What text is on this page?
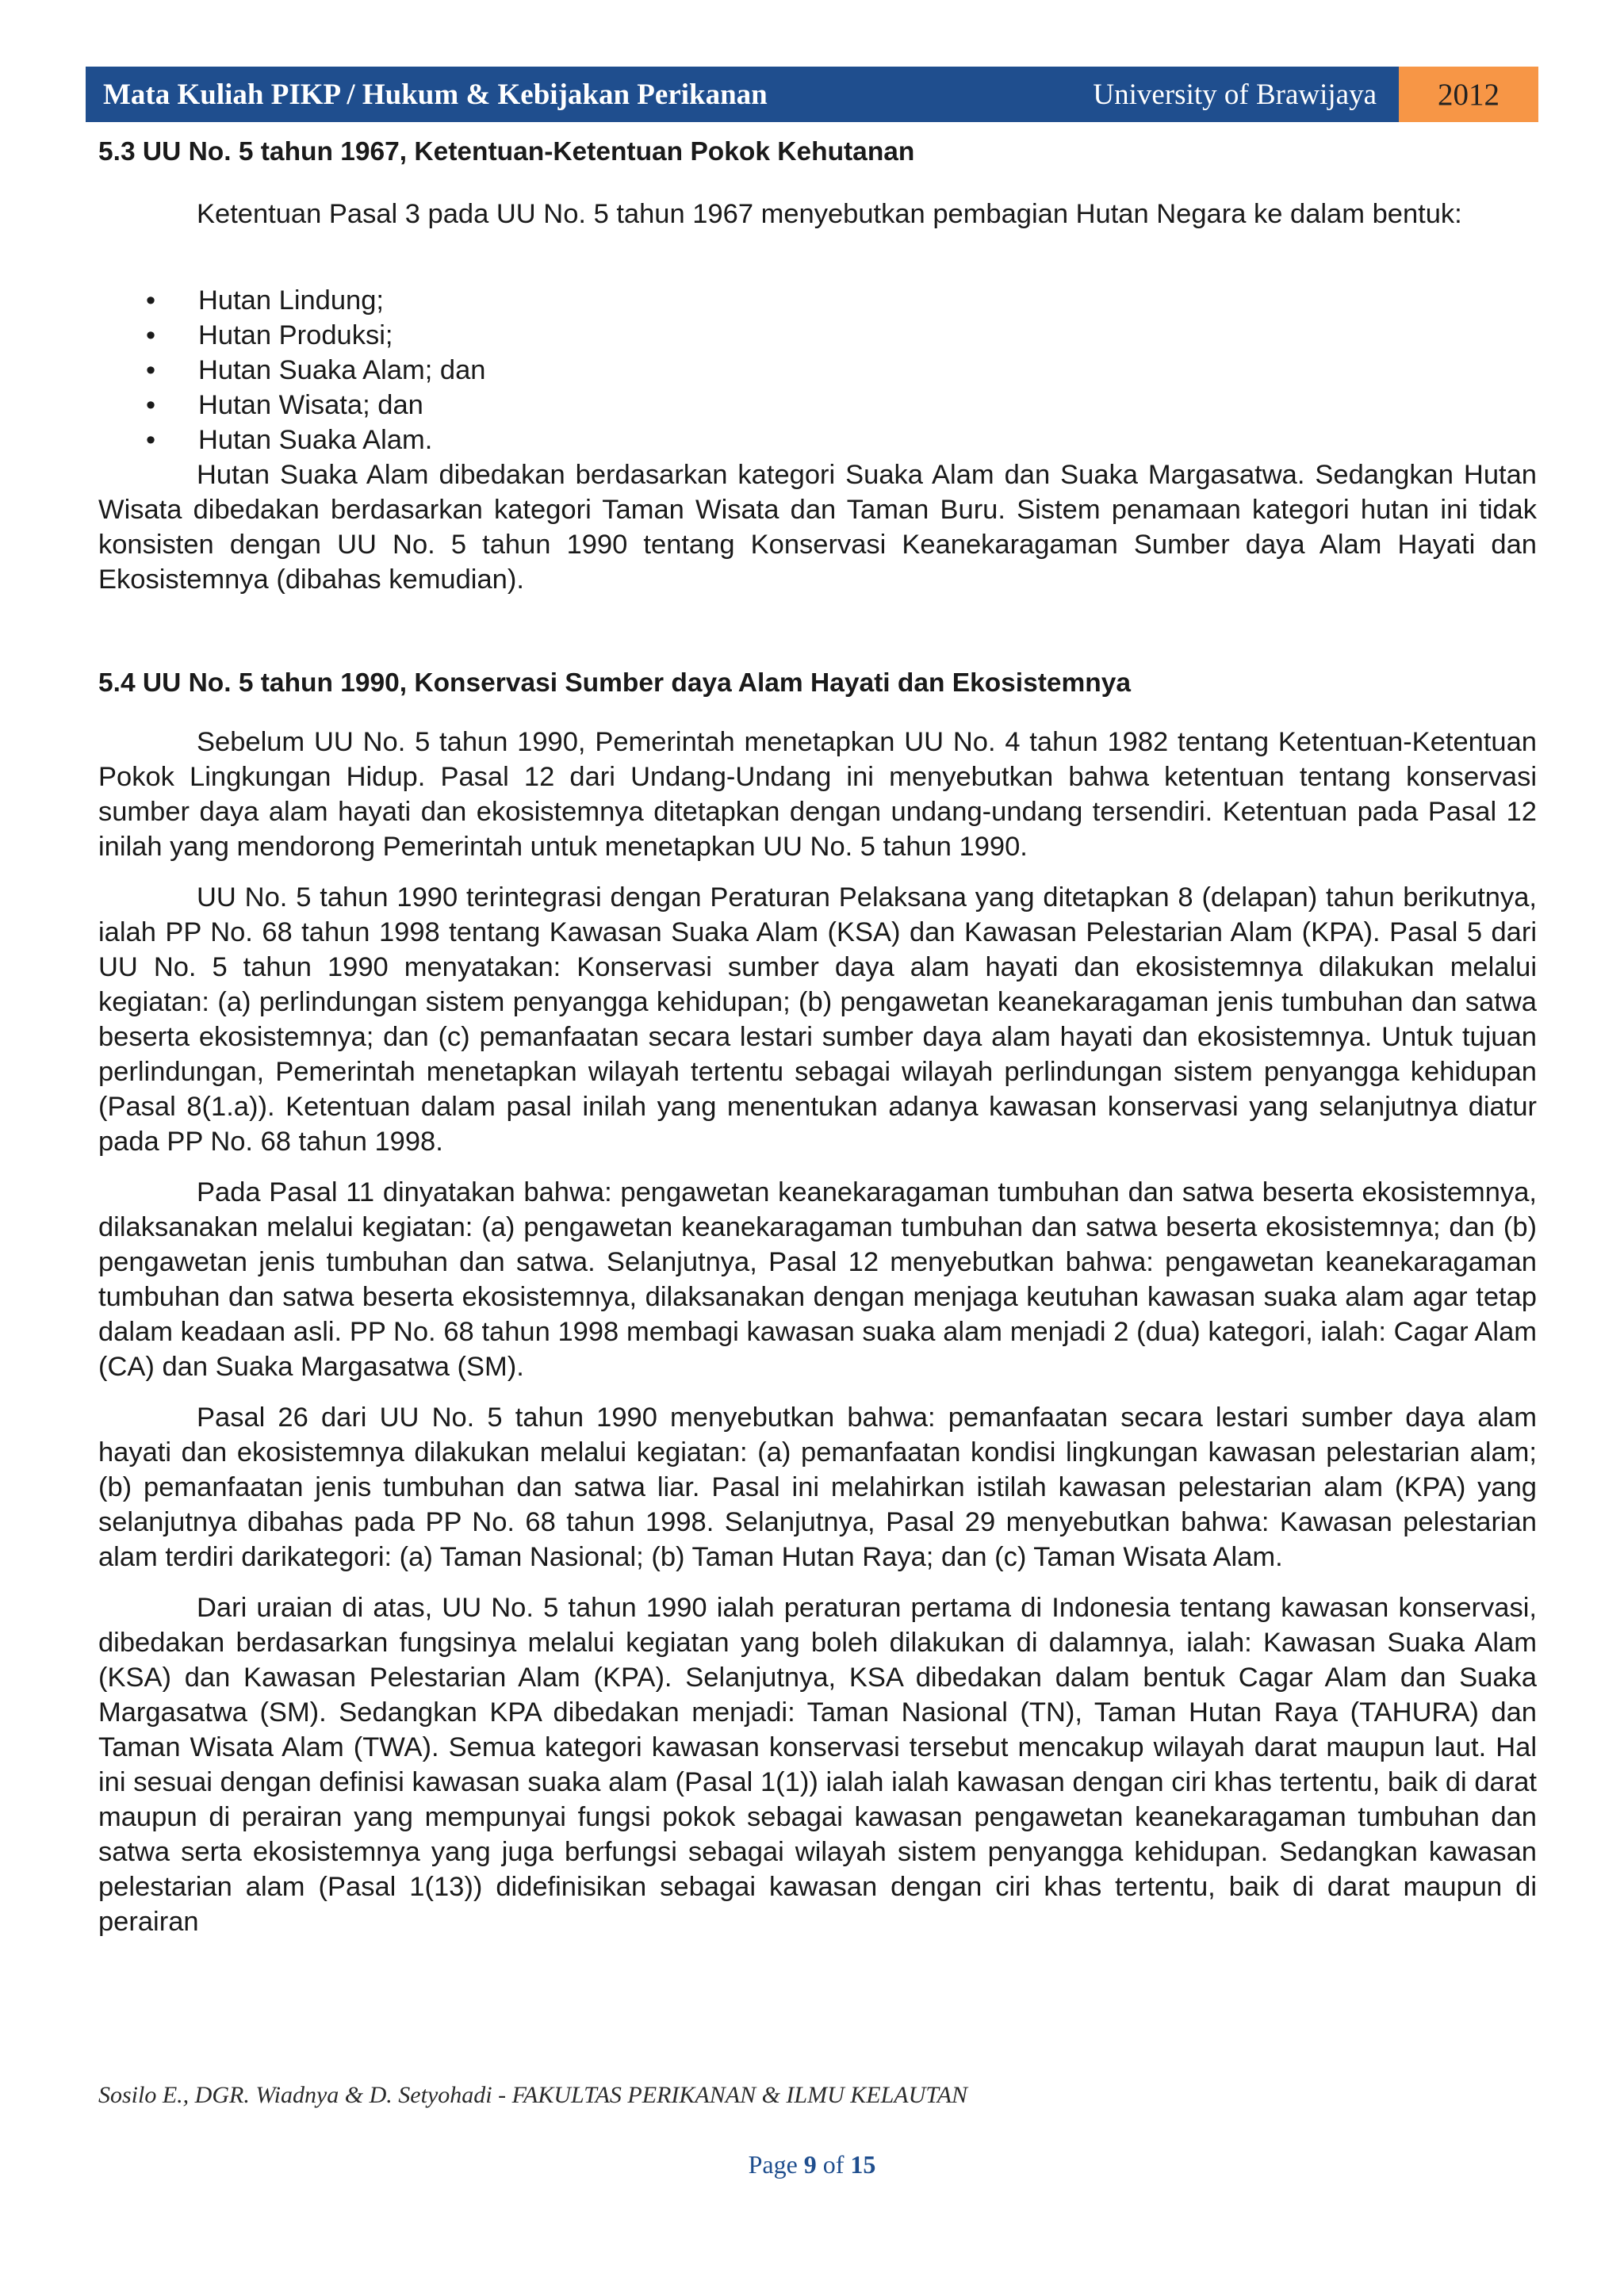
Mata Kuliah PIKP / Hukum & Kebijakan Perikanan	University of Brawijaya	2012
5.3 UU No. 5 tahun 1967, Ketentuan-Ketentuan Pokok Kehutanan

Ketentuan Pasal 3 pada UU No. 5 tahun 1967 menyebutkan pembagian Hutan Negara ke dalam bentuk:

• Hutan Lindung;
• Hutan Produksi;
• Hutan Suaka Alam; dan
• Hutan Wisata; dan
• Hutan Suaka Alam.

Hutan Suaka Alam dibedakan berdasarkan kategori Suaka Alam dan Suaka Margasatwa. Sedangkan Hutan Wisata dibedakan berdasarkan kategori Taman Wisata dan Taman Buru. Sistem penamaan kategori hutan ini tidak konsisten dengan UU No. 5 tahun 1990 tentang Konservasi Keanekaragaman Sumber daya Alam Hayati dan Ekosistemnya (dibahas kemudian).

5.4 UU No. 5 tahun 1990, Konservasi Sumber daya Alam Hayati dan Ekosistemnya

Sebelum UU No. 5 tahun 1990, Pemerintah menetapkan UU No. 4 tahun 1982 tentang Ketentuan-Ketentuan Pokok Lingkungan Hidup. Pasal 12 dari Undang-Undang ini menyebutkan bahwa ketentuan tentang konservasi sumber daya alam hayati dan ekosistemnya ditetapkan dengan undang-undang tersendiri. Ketentuan pada Pasal 12 inilah yang mendorong Pemerintah untuk menetapkan UU No. 5 tahun 1990.

UU No. 5 tahun 1990 terintegrasi dengan Peraturan Pelaksana yang ditetapkan 8 (delapan) tahun berikutnya, ialah PP No. 68 tahun 1998 tentang Kawasan Suaka Alam (KSA) dan Kawasan Pelestarian Alam (KPA). Pasal 5 dari UU No. 5 tahun 1990 menyatakan: Konservasi sumber daya alam hayati dan ekosistemnya dilakukan melalui kegiatan: (a) perlindungan sistem penyangga kehidupan; (b) pengawetan keanekaragaman jenis tumbuhan dan satwa beserta ekosistemnya; dan (c) pemanfaatan secara lestari sumber daya alam hayati dan ekosistemnya. Untuk tujuan perlindungan, Pemerintah menetapkan wilayah tertentu sebagai wilayah perlindungan sistem penyangga kehidupan (Pasal 8(1.a)). Ketentuan dalam pasal inilah yang menentukan adanya kawasan konservasi yang selanjutnya diatur pada PP No. 68 tahun 1998.

Pada Pasal 11 dinyatakan bahwa: pengawetan keanekaragaman tumbuhan dan satwa beserta ekosistemnya, dilaksanakan melalui kegiatan: (a) pengawetan keanekaragaman tumbuhan dan satwa beserta ekosistemnya; dan (b) pengawetan jenis tumbuhan dan satwa. Selanjutnya, Pasal 12 menyebutkan bahwa: pengawetan keanekaragaman tumbuhan dan satwa beserta ekosistemnya, dilaksanakan dengan menjaga keutuhan kawasan suaka alam agar tetap dalam keadaan asli. PP No. 68 tahun 1998 membagi kawasan suaka alam menjadi 2 (dua) kategori, ialah: Cagar Alam (CA) dan Suaka Margasatwa (SM).

Pasal 26 dari UU No. 5 tahun 1990 menyebutkan bahwa: pemanfaatan secara lestari sumber daya alam hayati dan ekosistemnya dilakukan melalui kegiatan: (a) pemanfaatan kondisi lingkungan kawasan pelestarian alam; (b) pemanfaatan jenis tumbuhan dan satwa liar. Pasal ini melahirkan istilah kawasan pelestarian alam (KPA) yang selanjutnya dibahas pada PP No. 68 tahun 1998. Selanjutnya, Pasal 29 menyebutkan bahwa: Kawasan pelestarian alam terdiri darikategori: (a) Taman Nasional; (b) Taman Hutan Raya; dan (c) Taman Wisata Alam.

Dari uraian di atas, UU No. 5 tahun 1990 ialah peraturan pertama di Indonesia tentang kawasan konservasi, dibedakan berdasarkan fungsinya melalui kegiatan yang boleh dilakukan di dalamnya, ialah: Kawasan Suaka Alam (KSA) dan Kawasan Pelestarian Alam (KPA). Selanjutnya, KSA dibedakan dalam bentuk Cagar Alam dan Suaka Margasatwa (SM). Sedangkan KPA dibedakan menjadi: Taman Nasional (TN), Taman Hutan Raya (TAHURA) dan Taman Wisata Alam (TWA). Semua kategori kawasan konservasi tersebut mencakup wilayah darat maupun laut. Hal ini sesuai dengan definisi kawasan suaka alam (Pasal 1(1)) ialah ialah kawasan dengan ciri khas tertentu, baik di darat maupun di perairan yang mempunyai fungsi pokok sebagai kawasan pengawetan keanekaragaman tumbuhan dan satwa serta ekosistemnya yang juga berfungsi sebagai wilayah sistem penyangga kehidupan. Sedangkan kawasan pelestarian alam (Pasal 1(13)) didefinisikan sebagai kawasan dengan ciri khas tertentu, baik di darat maupun di perairan

Sosilo E., DGR. Wiadnya & D. Setyohadi - FAKULTAS PERIKANAN & ILMU KELAUTAN
Page 9 of 15
